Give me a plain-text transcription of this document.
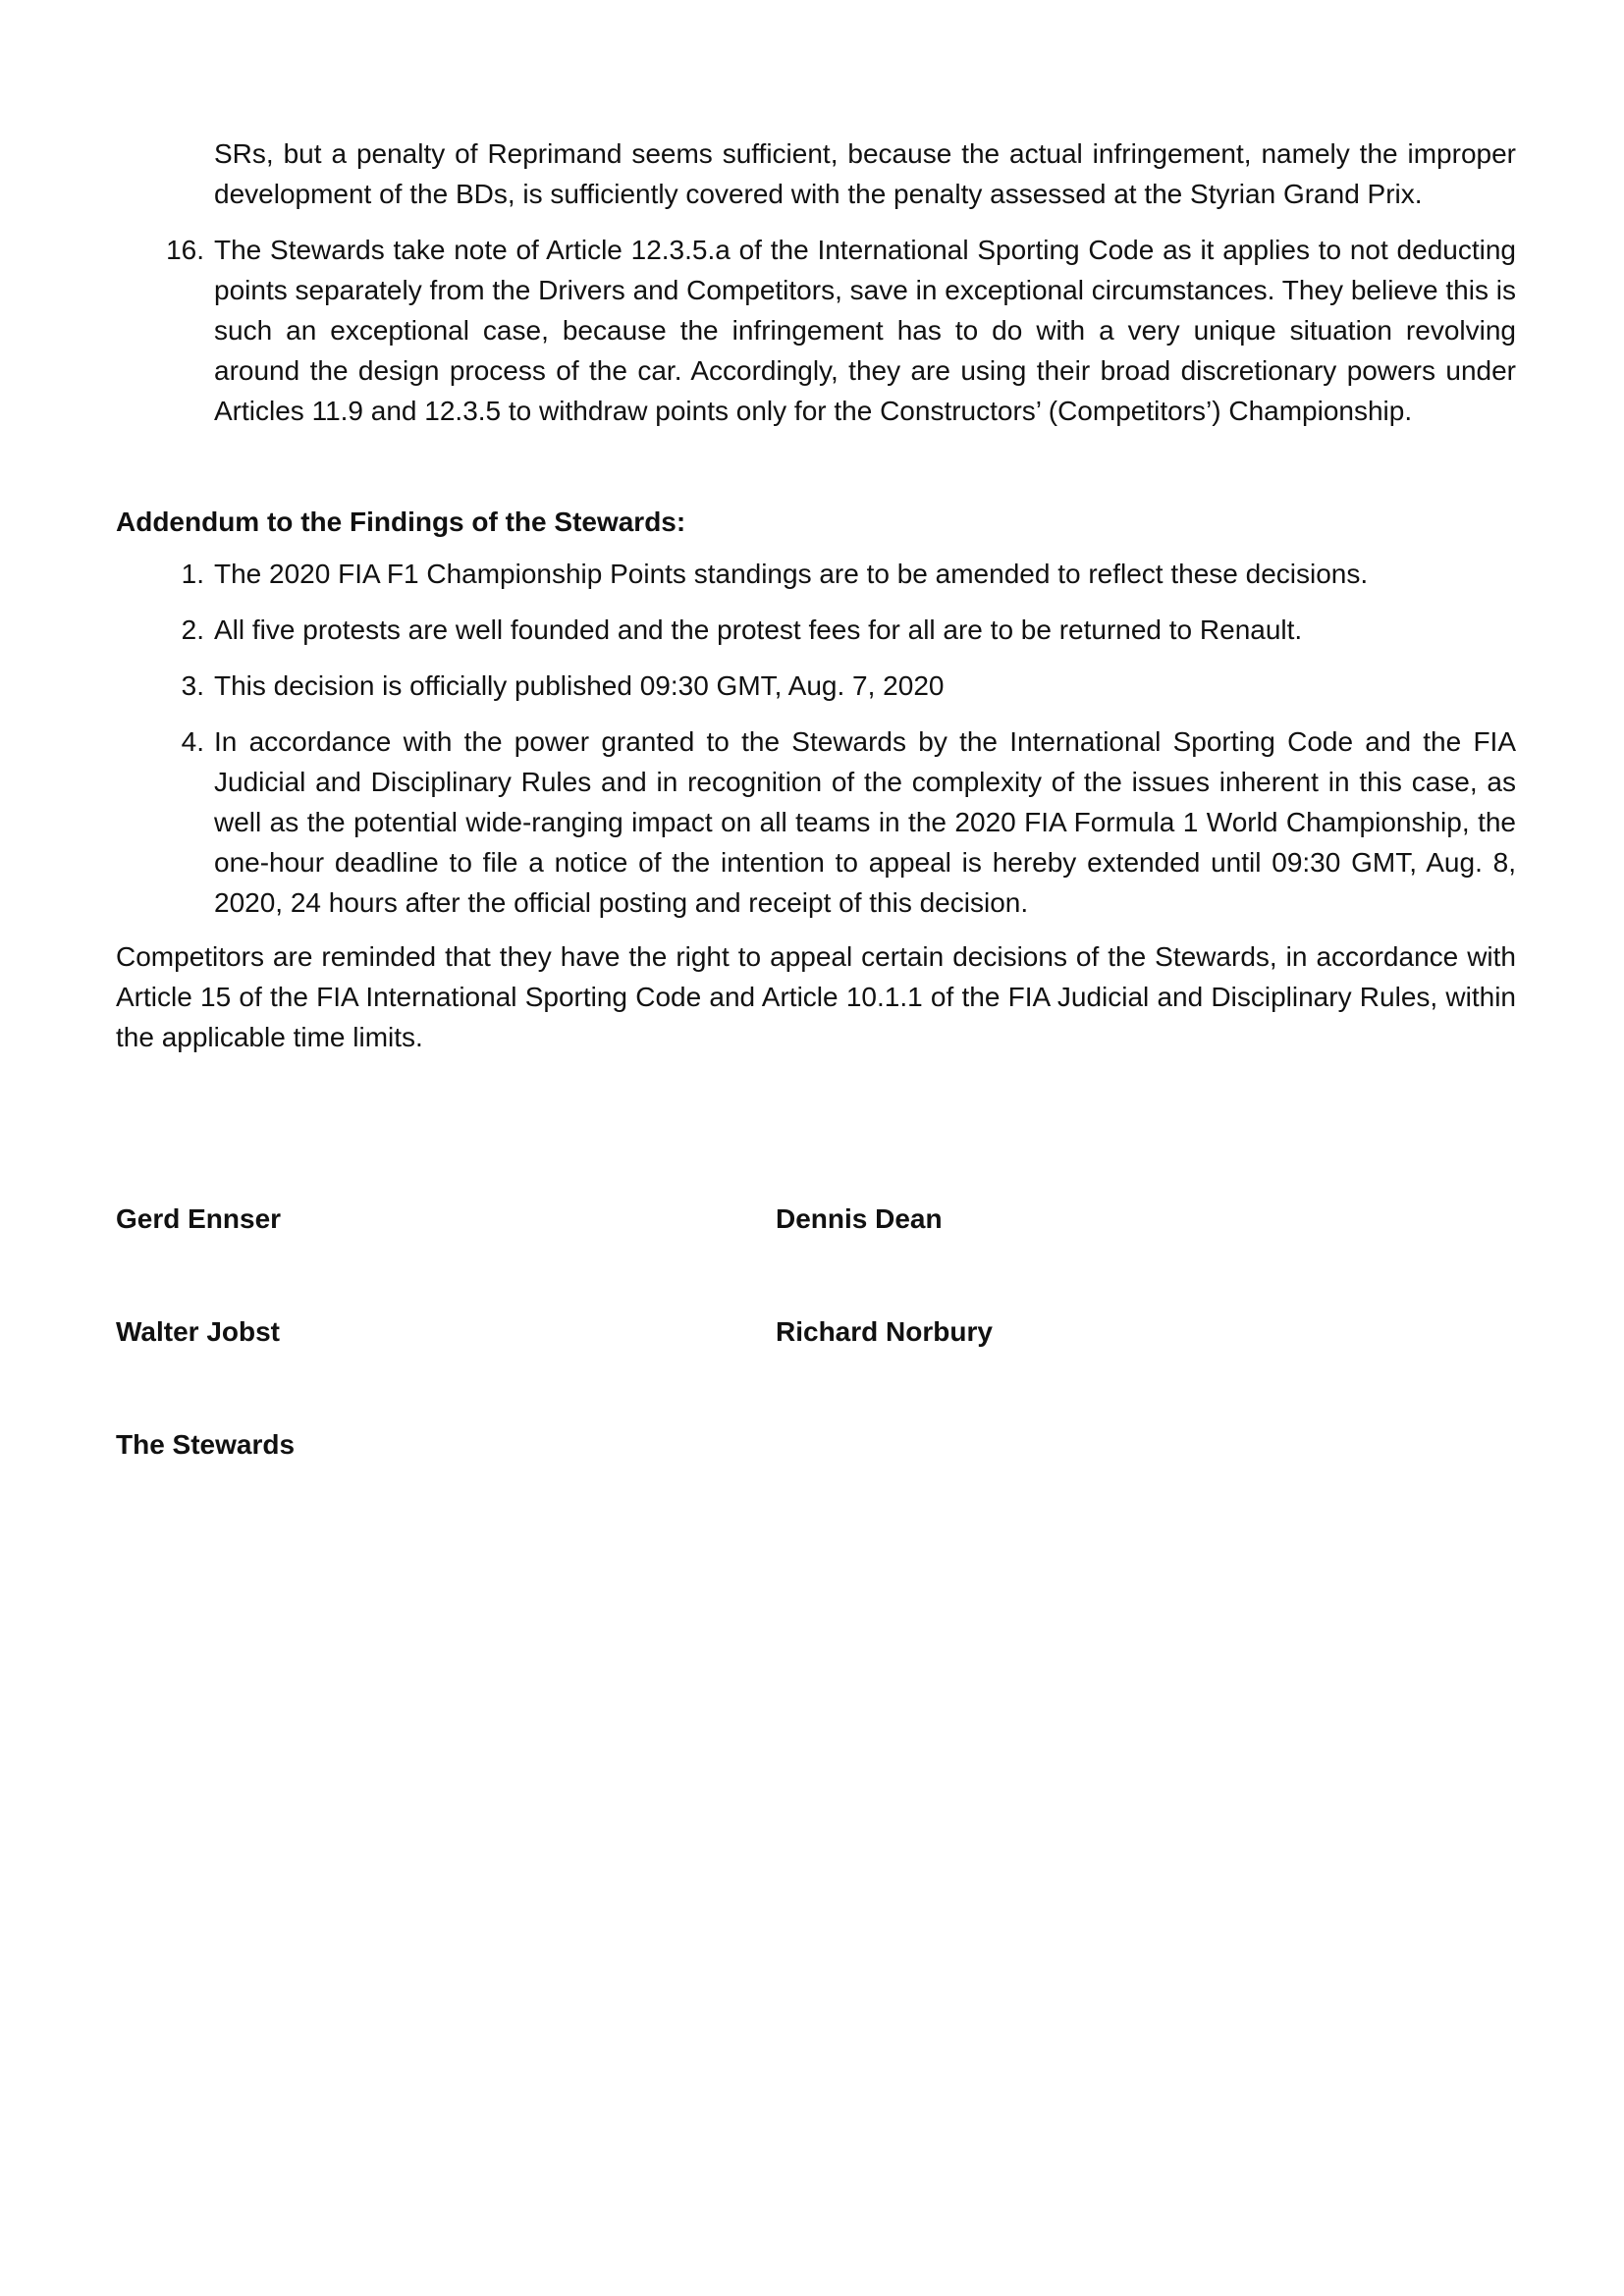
SRs, but a penalty of Reprimand seems sufficient, because the actual infringement, namely the improper development of the BDs, is sufficiently covered with the penalty assessed at the Styrian Grand Prix.
16. The Stewards take note of Article 12.3.5.a of the International Sporting Code as it applies to not deducting points separately from the Drivers and Competitors, save in exceptional circumstances. They believe this is such an exceptional case, because the infringement has to do with a very unique situation revolving around the design process of the car. Accordingly, they are using their broad discretionary powers under Articles 11.9 and 12.3.5 to withdraw points only for the Constructors’ (Competitors’) Championship.
Addendum to the Findings of the Stewards:
1. The 2020 FIA F1 Championship Points standings are to be amended to reflect these decisions.
2. All five protests are well founded and the protest fees for all are to be returned to Renault.
3. This decision is officially published 09:30 GMT, Aug. 7, 2020
4. In accordance with the power granted to the Stewards by the International Sporting Code and the FIA Judicial and Disciplinary Rules and in recognition of the complexity of the issues inherent in this case, as well as the potential wide-ranging impact on all teams in the 2020 FIA Formula 1 World Championship, the one-hour deadline to file a notice of the intention to appeal is hereby extended until 09:30 GMT, Aug. 8, 2020, 24 hours after the official posting and receipt of this decision.
Competitors are reminded that they have the right to appeal certain decisions of the Stewards, in accordance with Article 15 of the FIA International Sporting Code and Article 10.1.1 of the FIA Judicial and Disciplinary Rules, within the applicable time limits.
Gerd Ennser	Dennis Dean
Walter Jobst	Richard Norbury
The Stewards
